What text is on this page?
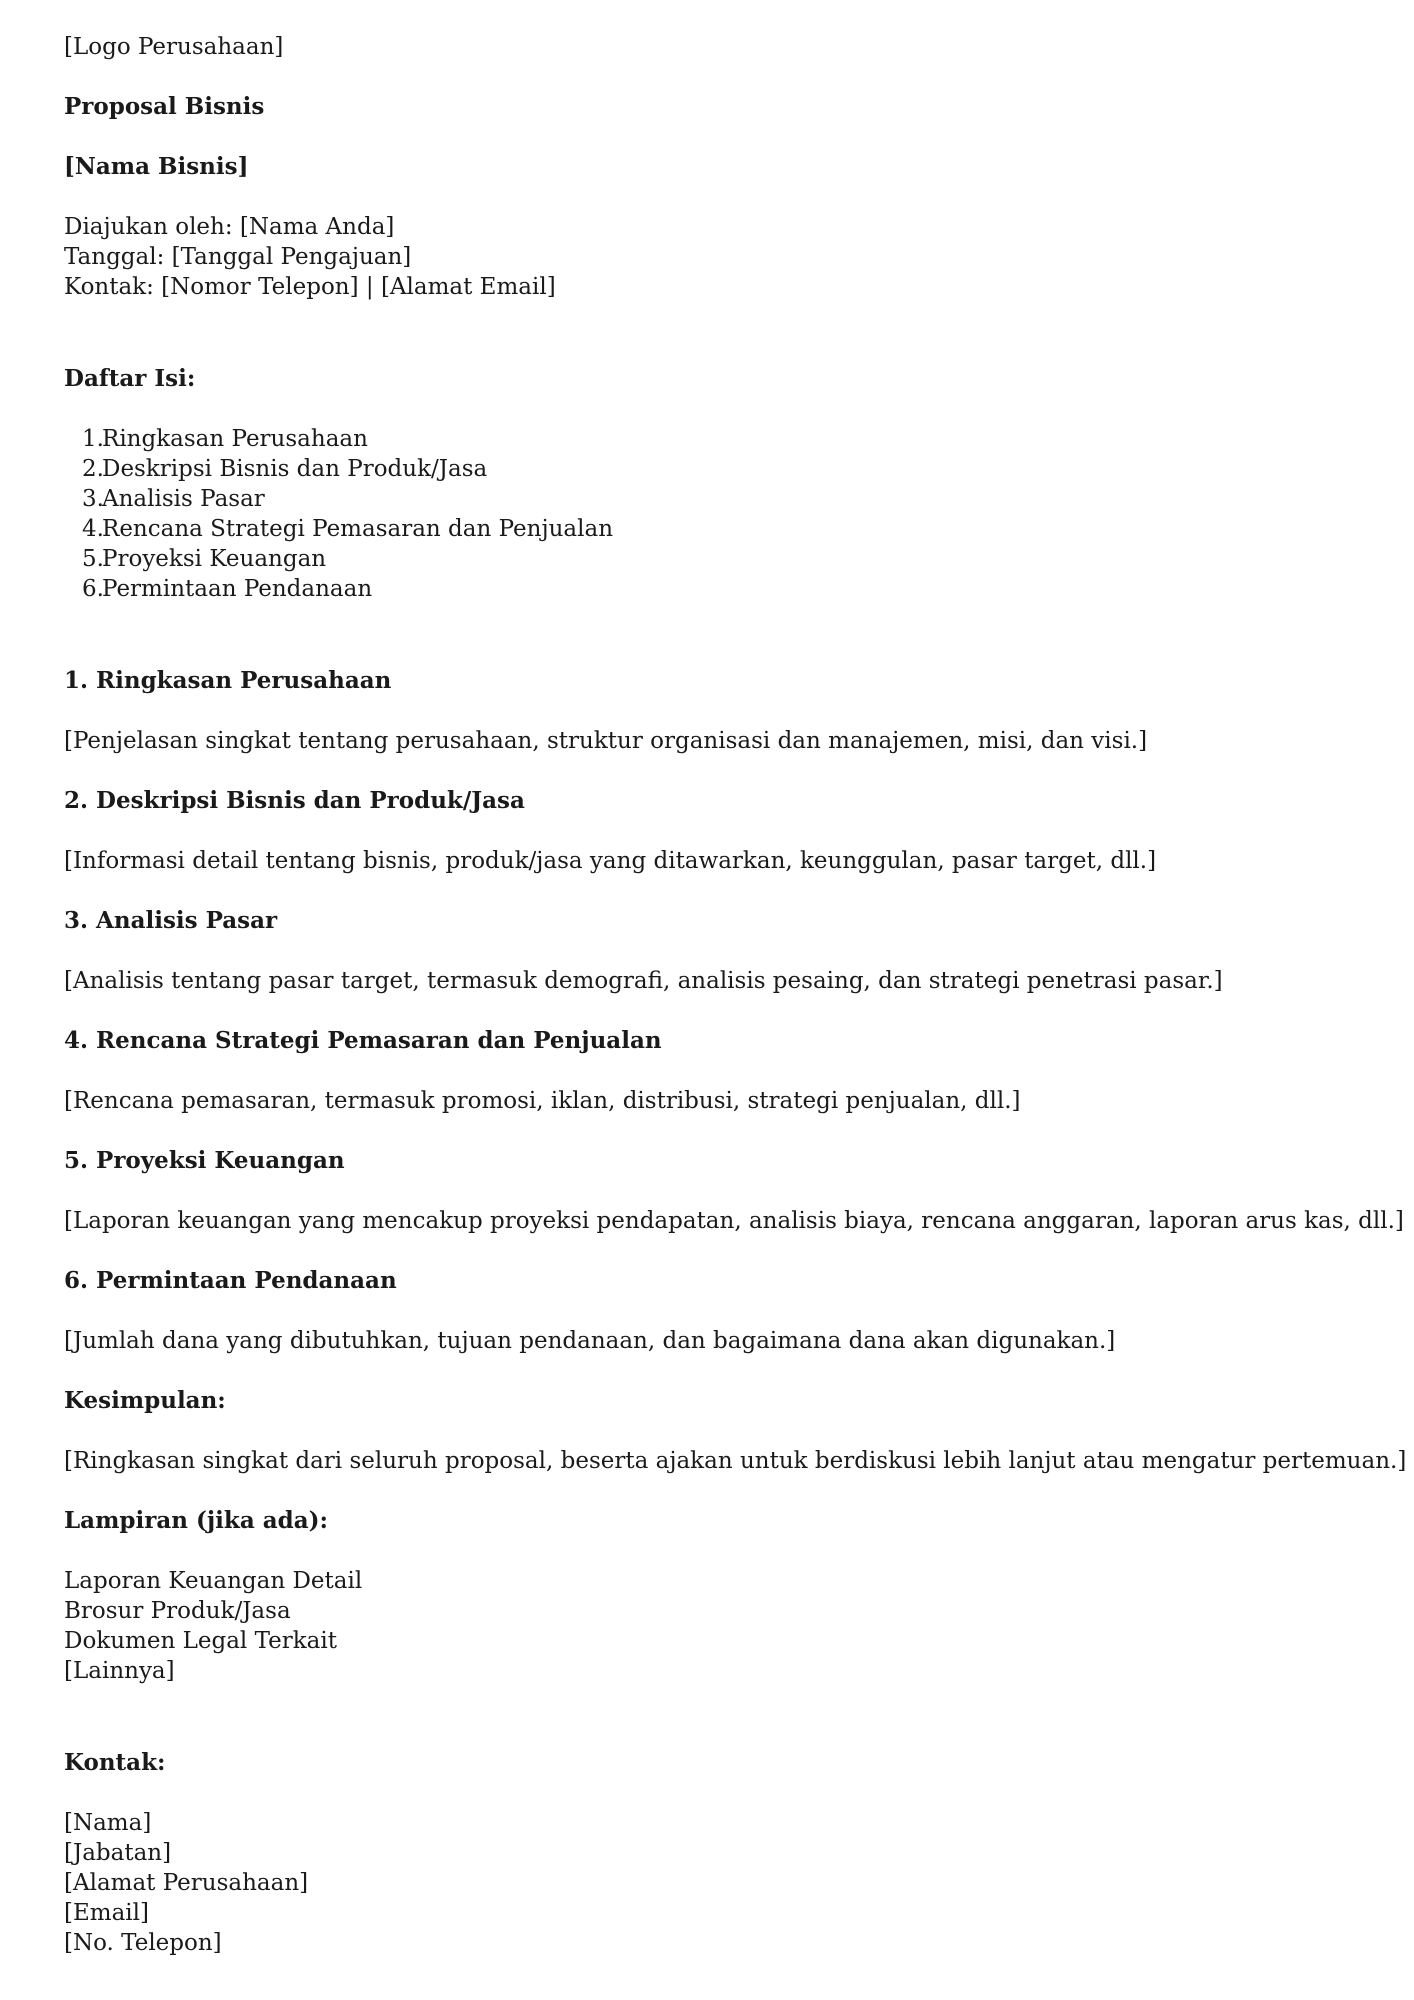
[Logo Perusahaan]
Proposal Bisnis
[Nama Bisnis]
Diajukan oleh: [Nama Anda]
Tanggal: [Tanggal Pengajuan]
Kontak: [Nomor Telepon] | [Alamat Email]
Daftar Isi:
1.
Ringkasan Perusahaan
2.
Deskripsi Bisnis dan Produk/Jasa
3.
Analisis Pasar
4.
Rencana Strategi Pemasaran dan Penjualan
5.
Proyeksi Keuangan
6.
Permintaan Pendanaan
1. Ringkasan Perusahaan
[Penjelasan singkat tentang perusahaan, struktur organisasi dan manajemen, misi, dan visi.]
2. Deskripsi Bisnis dan Produk/Jasa
[Informasi detail tentang bisnis, produk/jasa yang ditawarkan, keunggulan, pasar target, dll.]
3. Analisis Pasar
[Analisis tentang pasar target, termasuk demografi, analisis pesaing, dan strategi penetrasi pasar.]
4. Rencana Strategi Pemasaran dan Penjualan
[Rencana pemasaran, termasuk promosi, iklan, distribusi, strategi penjualan, dll.]
5. Proyeksi Keuangan
[Laporan keuangan yang mencakup proyeksi pendapatan, analisis biaya, rencana anggaran, laporan arus kas, dll.]
6. Permintaan Pendanaan
[Jumlah dana yang dibutuhkan, tujuan pendanaan, dan bagaimana dana akan digunakan.]
Kesimpulan:
[Ringkasan singkat dari seluruh proposal, beserta ajakan untuk berdiskusi lebih lanjut atau mengatur pertemuan.]
Lampiran (jika ada):
Laporan Keuangan Detail
Brosur Produk/Jasa
Dokumen Legal Terkait
[Lainnya]
Kontak:
[Nama]
[Jabatan]
[Alamat Perusahaan]
[Email]
[No. Telepon]
